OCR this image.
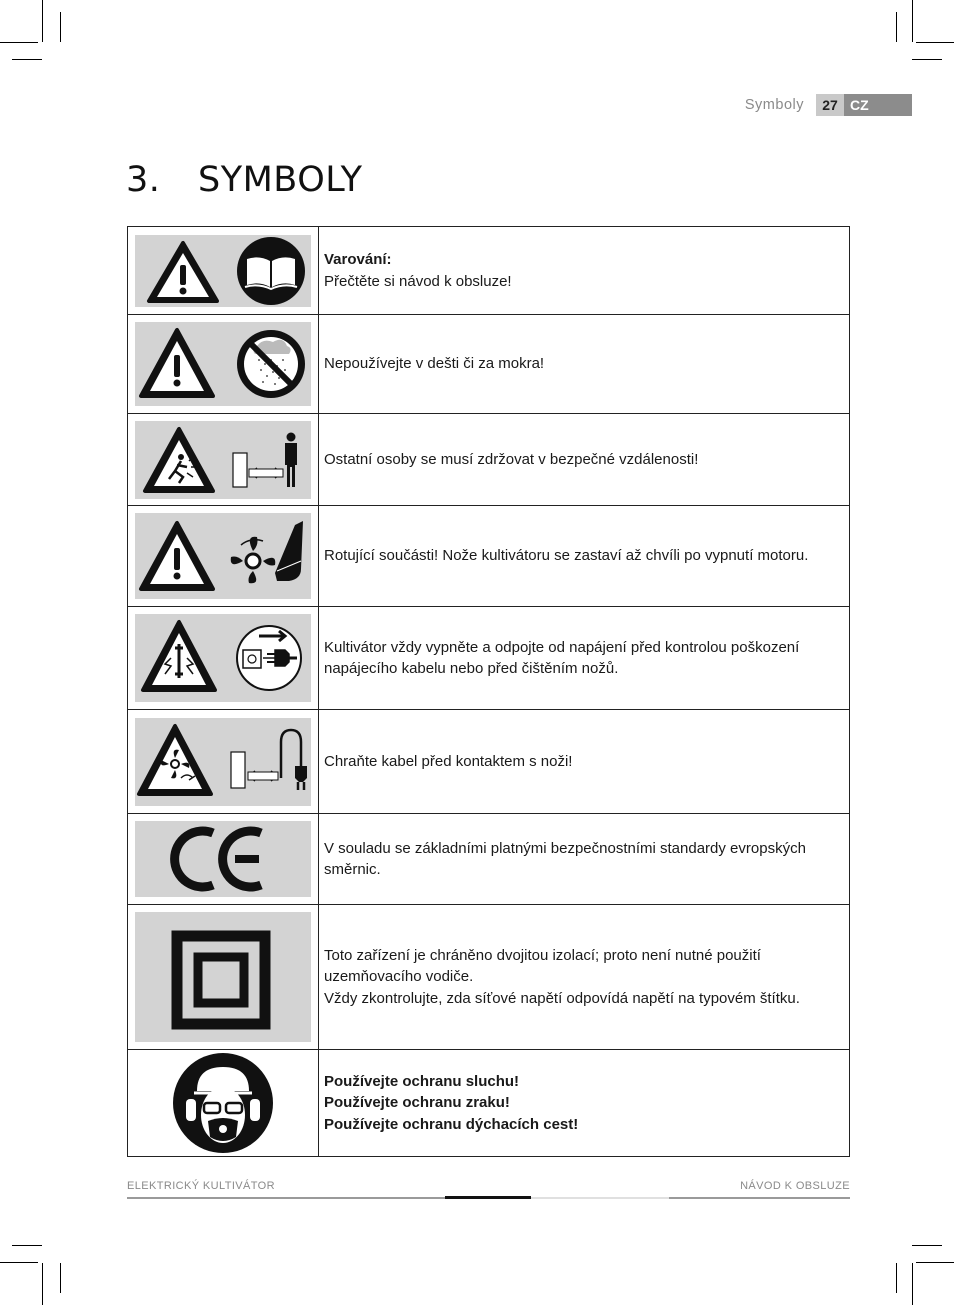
Symboly	27 CZ
3. SYMBOLY

Varování:
Přečtěte si návod k obsluze!

Nepoužívejte v dešti či za mokra!

Ostatní osoby se musí zdržovat v bezpečné vzdálenosti!

Rotující součásti! Nože kultivátoru se zastaví až chvíli po vypnutí motoru.

Kultivátor vždy vypněte a odpojte od napájení před kontrolou poškození
napájecího kabelu nebo před čištěním nožů.

Chraňte kabel před kontaktem s noži!

V souladu se základními platnými bezpečnostními standardy evropských
směrnic.

Toto zařízení je chráněno dvojitou izolací; proto není nutné použití
uzemňovacího vodiče.
Vždy zkontrolujte, zda síťové napětí odpovídá napětí na typovém štítku.

Používejte ochranu sluchu!
Používejte ochranu zraku!
Používejte ochranu dýchacích cest!
ELEKTRICKÝ KULTIVÁTOR	NÁVOD K OBSLUZE
